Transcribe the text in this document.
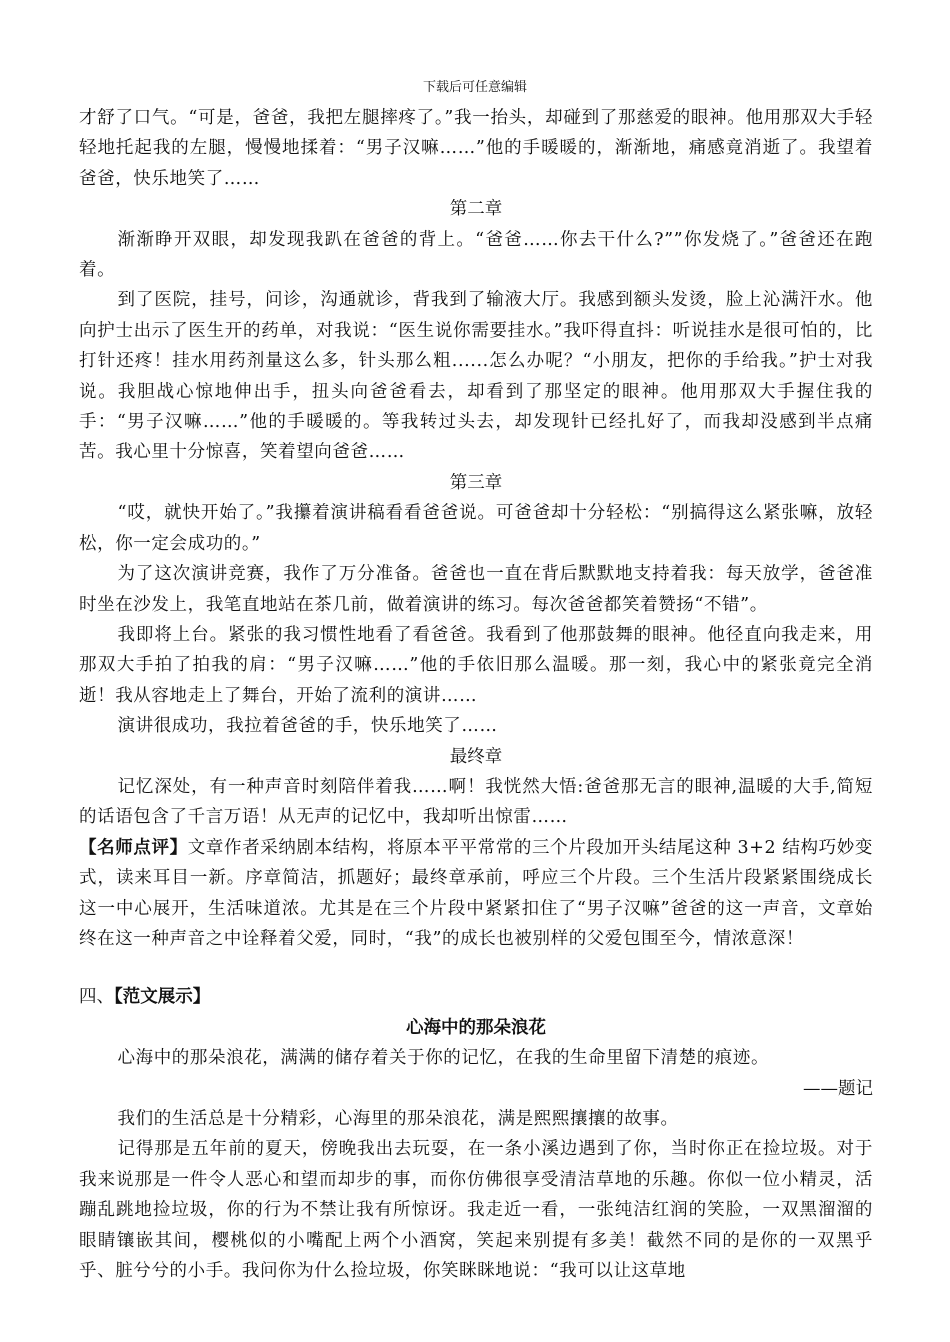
下载后可任意编辑

才舒了口气。“可是，爸爸，我把左腿摔疼了。”我一抬头，却碰到了那慈爱的眼神。他用那双大手轻轻地托起我的左腿，慢慢地揉着：“男子汉嘛……”他的手暖暖的，渐渐地，痛感竟消逝了。我望着爸爸，快乐地笑了……

第二章

渐渐睁开双眼，却发现我趴在爸爸的背上。“爸爸……你去干什么?””你发烧了。”爸爸还在跑着。

到了医院，挂号，问诊，沟通就诊，背我到了输液大厅。我感到额头发烫，脸上沁满汗水。他向护士出示了医生开的药单，对我说：“医生说你需要挂水。”我吓得直抖：听说挂水是很可怕的，比打针还疼！挂水用药剂量这么多，针头那么粗......怎么办呢？“小朋友，把你的手给我。”护士对我说。我胆战心惊地伸出手，扭头向爸爸看去，却看到了那坚定的眼神。他用那双大手握住我的手：“男子汉嘛……”他的手暖暖的。等我转过头去，却发现针已经扎好了，而我却没感到半点痛苦。我心里十分惊喜，笑着望向爸爸……

第三章

“哎，就快开始了。”我攥着演讲稿看看爸爸说。可爸爸却十分轻松：“别搞得这么紧张嘛，放轻松，你一定会成功的。”

为了这次演讲竞赛，我作了万分准备。爸爸也一直在背后默默地支持着我：每天放学，爸爸准时坐在沙发上，我笔直地站在茶几前，做着演讲的练习。每次爸爸都笑着赞扬“不错”。

我即将上台。紧张的我习惯性地看了看爸爸。我看到了他那鼓舞的眼神。他径直向我走来，用那双大手拍了拍我的肩：“男子汉嘛……”他的手依旧那么温暖。那一刻，我心中的紧张竟完全消逝！我从容地走上了舞台，开始了流利的演讲……

演讲很成功，我拉着爸爸的手，快乐地笑了……

最终章

记忆深处，有一种声音时刻陪伴着我……啊！我恍然大悟:爸爸那无言的眼神,温暖的大手,简短的话语包含了千言万语！从无声的记忆中，我却听出惊雷……

【名师点评】文章作者采纳剧本结构，将原本平平常常的三个片段加开头结尾这种 3+2 结构巧妙变式，读来耳目一新。序章简洁，抓题好；最终章承前，呼应三个片段。三个生活片段紧紧围绕成长这一中心展开，生活味道浓。尤其是在三个片段中紧紧扣住了“男子汉嘛”爸爸的这一声音，文章始终在这一种声音之中诠释着父爱，同时，“我”的成长也被别样的父爱包围至今，情浓意深！

四、【范文展示】

心海中的那朵浪花

心海中的那朵浪花，满满的储存着关于你的记忆，在我的生命里留下清楚的痕迹。

——题记

我们的生活总是十分精彩，心海里的那朵浪花，满是熙熙攘攘的故事。

记得那是五年前的夏天，傍晚我出去玩耍，在一条小溪边遇到了你，当时你正在捡垃圾。对于我来说那是一件令人恶心和望而却步的事，而你仿佛很享受清洁草地的乐趣。你似一位小精灵，活蹦乱跳地捡垃圾，你的行为不禁让我有所惊讶。我走近一看，一张纯洁红润的笑脸，一双黑溜溜的眼睛镶嵌其间，樱桃似的小嘴配上两个小酒窝，笑起来别提有多美！截然不同的是你的一双黑乎乎、脏兮兮的小手。我问你为什么捡垃圾，你笑眯眯地说：“我可以让这草地
